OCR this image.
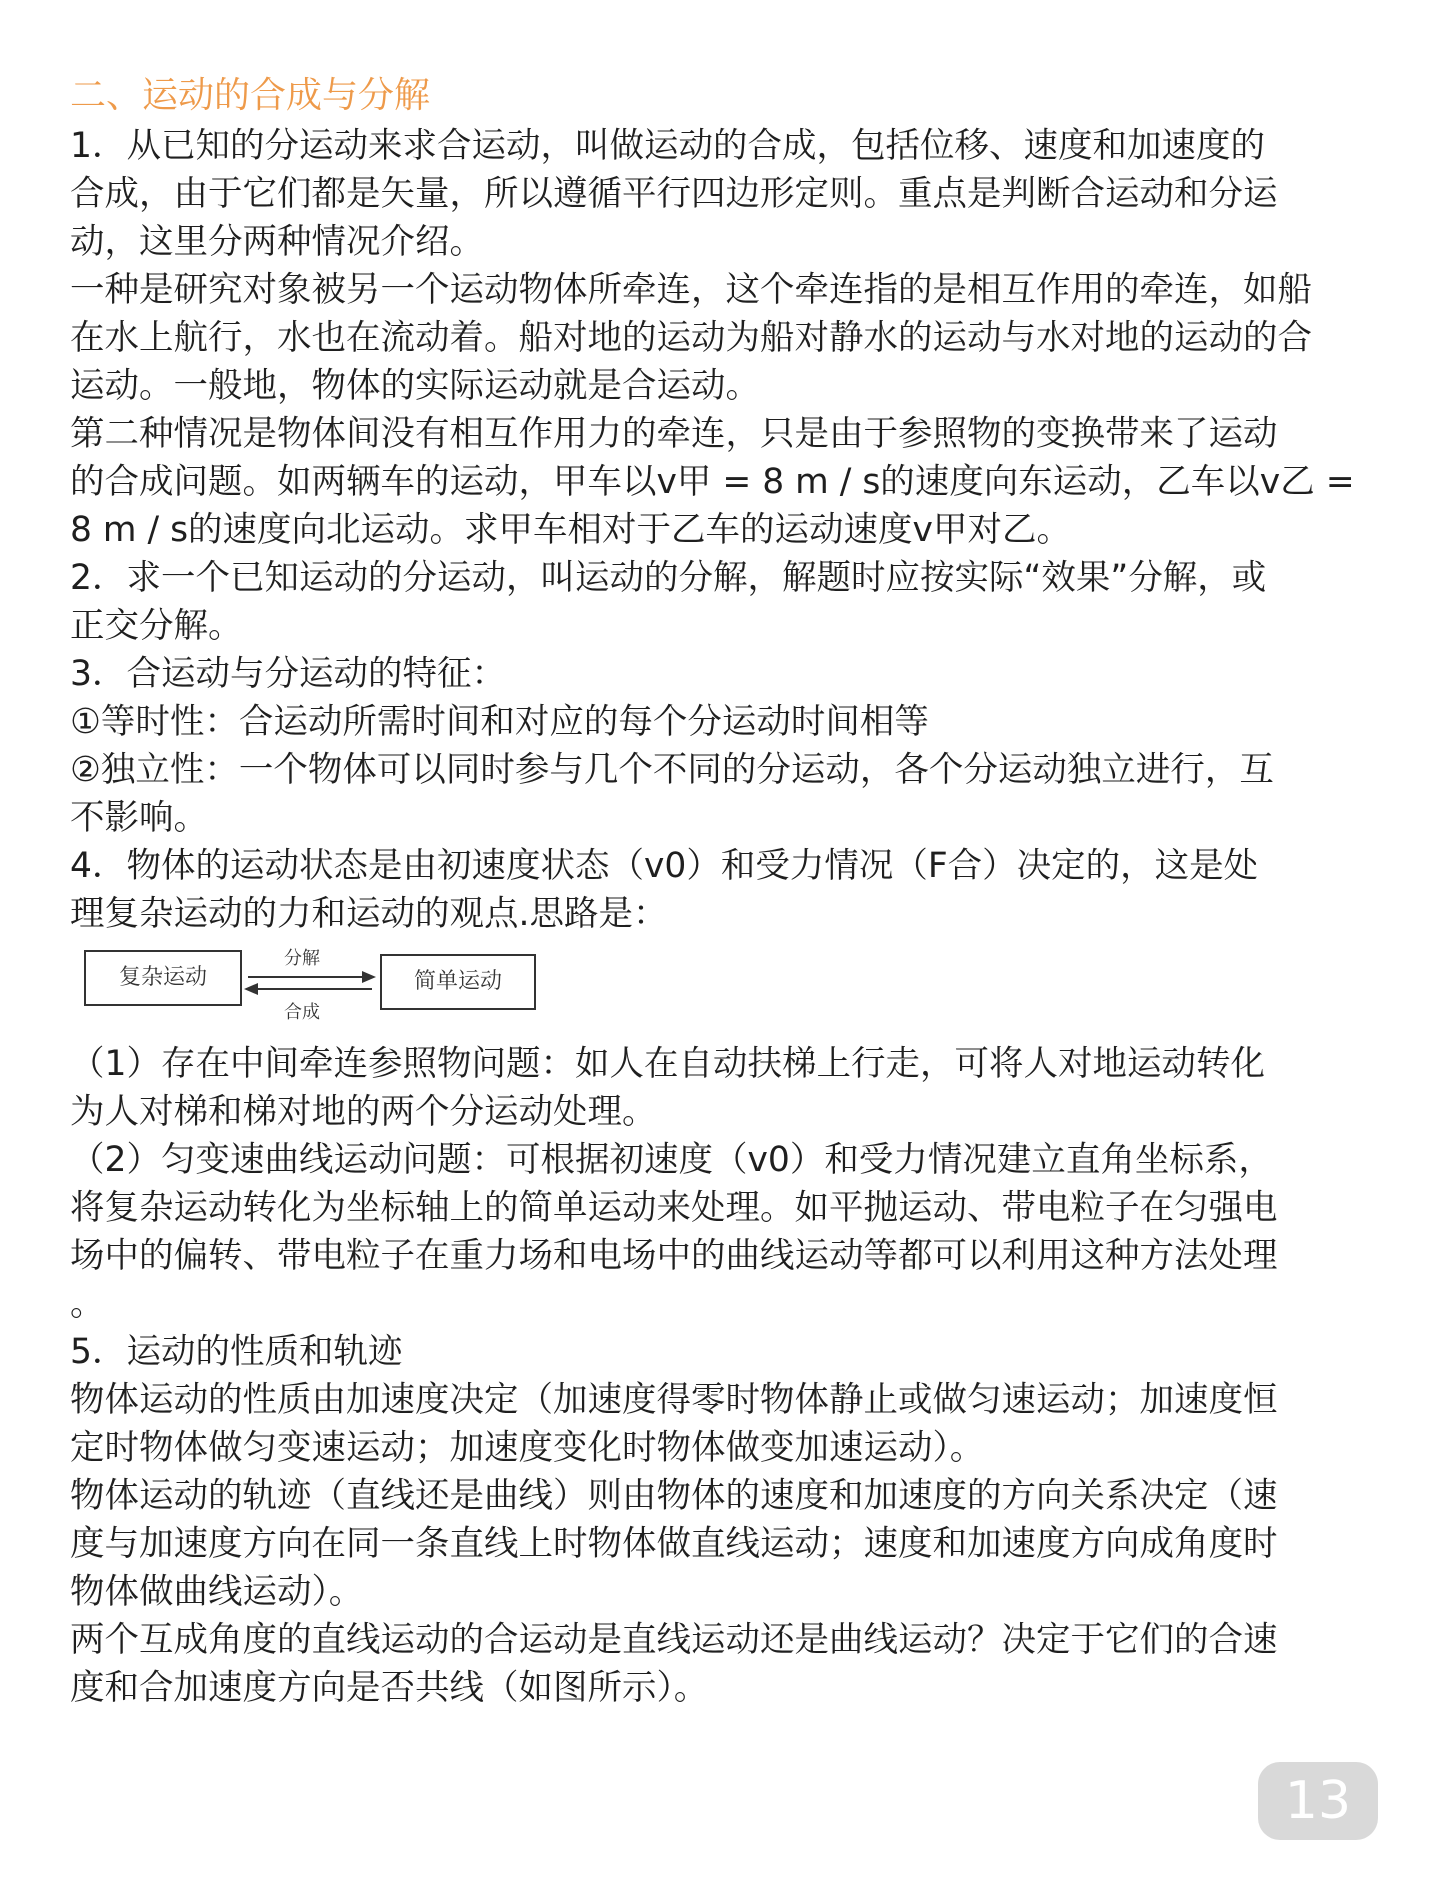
二、运动的合成与分解

1．从已知的分运动来求合运动，叫做运动的合成，包括位移、速度和加速度的

合成，由于它们都是矢量，所以遵循平行四边形定则。重点是判断合运动和分运

动，这里分两种情况介绍。

一种是研究对象被另一个运动物体所牵连，这个牵连指的是相互作用的牵连，如船

在水上航行，水也在流动着。船对地的运动为船对静水的运动与水对地的运动的合

运动。一般地，物体的实际运动就是合运动。

第二种情况是物体间没有相互作用力的牵连，只是由于参照物的变换带来了运动

的合成问题。如两辆车的运动，甲车以v甲 = 8 m / s的速度向东运动，乙车以v乙 =

8 m / s的速度向北运动。求甲车相对于乙车的运动速度v甲对乙。

2．求一个已知运动的分运动，叫运动的分解，解题时应按实际“效果”分解，或

正交分解。

3．合运动与分运动的特征：

①等时性：合运动所需时间和对应的每个分运动时间相等

②独立性：一个物体可以同时参与几个不同的分运动，各个分运动独立进行，互

不影响。

4．物体的运动状态是由初速度状态（v0）和受力情况（F合）决定的，这是处

理复杂运动的力和运动的观点.思路是：

复杂运动
分解
合成
简单运动

（1）存在中间牵连参照物问题：如人在自动扶梯上行走，可将人对地运动转化

为人对梯和梯对地的两个分运动处理。

（2）匀变速曲线运动问题：可根据初速度（v0）和受力情况建立直角坐标系，

将复杂运动转化为坐标轴上的简单运动来处理。如平抛运动、带电粒子在匀强电

场中的偏转、带电粒子在重力场和电场中的曲线运动等都可以利用这种方法处理

。

5．运动的性质和轨迹

物体运动的性质由加速度决定（加速度得零时物体静止或做匀速运动；加速度恒

定时物体做匀变速运动；加速度变化时物体做变加速运动）。

物体运动的轨迹（直线还是曲线）则由物体的速度和加速度的方向关系决定（速

度与加速度方向在同一条直线上时物体做直线运动；速度和加速度方向成角度时

物体做曲线运动）。

两个互成角度的直线运动的合运动是直线运动还是曲线运动？决定于它们的合速

度和合加速度方向是否共线（如图所示）。

13
